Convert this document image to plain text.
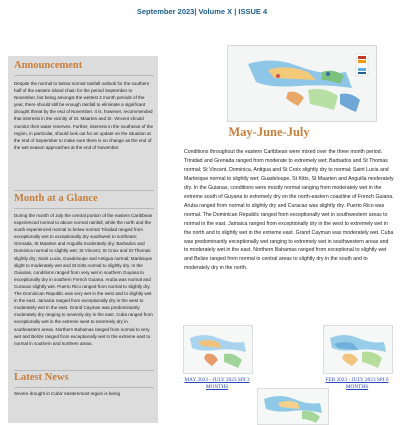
September 2023| Volume X | ISSUE 4
Announcement
Despite the normal to below normal rainfall outlook for the southern half of the eastern island chain for the period September to November, but being amongst the wettest 3 month periods of the year, there should still be enough rainfall to eliminate a significant drought threat by the end of November. It is, however, recommended that interests in the vicinity of St. Maarten and St. Vincent should monitor their water reserves. Further, interests in the southeast of the region, in particular, should look out for an update on the situation at the end of September to make sure there is no change as the end of the wet season approaches at the end of November.
Month at a Glance
During the month of July the central portion of the eastern Caribbean experienced normal to above normal rainfall, while the north and the south experienced normal to below normal Trinidad ranged from exceptionally wet to exceptionally dry southwest to northeast; Grenada, St Maarten and Anguilla moderately dry; Barbados and Dominica normal to slightly wet; St Vincent, St Croix and St Thomas slightly dry; Saint Lucia, Guadeloupe and Antigua normal; Martinique slight to moderately wet and St Kitts normal to slightly dry. In the Guianas, conditions ranged from very wet in southern Guyana to exceptionally dry in southern French Guiana. Aruba was normal and Curacao slightly wet. Puerto Rico ranged from normal to slightly dry. The Dominican Republic was very wet in the west and to slightly wet in the east. Jamaica ranged from exceptionally dry in the west to moderately wet in the east. Grand Cayman was predominantly moderately dry ranging to severely dry in the east. Cuba ranged from exceptionally wet in the extreme west to extremely dry in southeastern areas. Northern Bahamas ranged from normal to very wet and Belize ranged from exceptionally wet in the extreme east to normal in southern and northern areas.
Latest News
Severe drought in Cuba' easternmost region is being
May-June-July
Conditions throughout the eastern Caribbean were mixed over the three month period. Trinidad and Grenada ranged from moderate to extremely wet; Barbados and St Thomas normal; St Vincent, Dominica, Antigua and St Croix slightly dry to normal; Saint Lucia and Martinique normal to slightly wet; Guadeloupe, St Kitts, St Maarten and Anguilla moderately dry. In the Guianas, conditions were mostly normal ranging from moderately wet in the extreme south of Guyana to extremely dry on the north-eastern coastline of French Guiana. Aruba ranged from normal to slightly dry and Curacao was slightly dry. Puerto Rico was normal. The Dominican Republic ranged from exceptionally wet in southwestern areas to normal in the east. Jamaica ranged from exceptionally dry in the west to extremely wet in the north and to slightly wet in the extreme east. Grand Cayman was moderately wet. Cuba was predominantly exceptionally wet ranging to extremely wet in southwestern areas and to moderately wet in the east. Northern Bahamas ranged from exceptional to slightly wet and Belize ranged from normal in central areas to slightly dry in the south and to moderately dry in the north.
MAY 2023 - JULY 2023 SPI 3 MONTHS
FEB 2023 - JULY 2023 SPI 6 MONTHS
